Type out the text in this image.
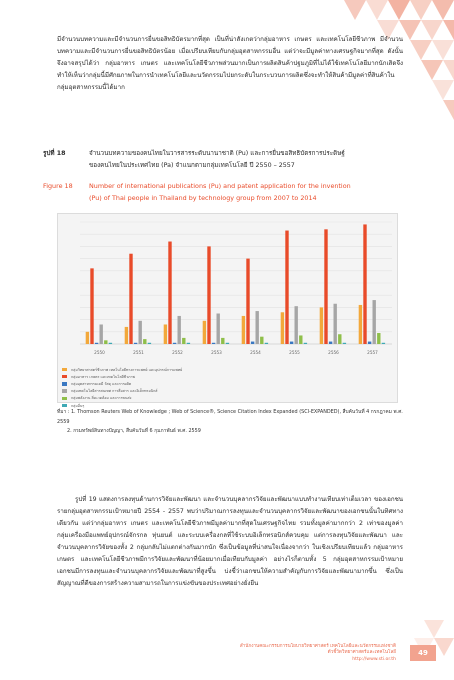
มีจำนวนบทความและมีจำนวนการยื่นขอสิทธิบัตรมากที่สุด เป็นที่น่าสังเกตว่ากลุ่มอาหาร เกษตร และเทคโนโลยีชีวภาพ มีจำนวนบทความและมีจำนวนการยื่นขอสิทธิบัตรน้อย เมื่อเปรียบเทียบกับกลุ่มอุตสาหกรรมอื่น แต่ว่าจะมีมูลค่าทางเศรษฐกิจมากที่สุด ดังนั้นจึงอาจสรุปได้ว่า กลุ่มอาหาร เกษตร และเทคโนโลยีชีวภาพส่วนมากเป็นการผลิตสินค้าปฐมภูมิที่ไม่ได้ใช้เทคโนโลยีมากนักเสิดจึงทำให้เห็นว่ากลุ่มนี้มีศักยภาพในการนำเทคโนโลยีและนวัตกรรมไปยกระดับในกระบวนการผลิตซึ่งจะทำให้สินค้ามีมูลค่าที่สินค้าในกลุ่มอุตสาหกรรมนี้ได้มาก
รูปที่ 18	จำนวนบทความของคนไทยในวารสารระดับนานาชาติ (Pu) และการยื่นขอสิทธิบัตรการประดิษฐ์
ของคนไทยในประเทศไทย (Pa) จำแนกตามกลุ่มเทคโนโลยี ปี 2550 – 2557
Figure 18	Number of international publications (Pu) and patent application for the invention
(Pu) of Thai people in Thailand by technology group from 2007 to 2014
2550	2551	2552	2553	2554	2555	2556	2557
กลุ่มวิทยาศาสตร์ชีวภาพ เทคโนโลยีทางการแพทย์ และอุปกรณ์การแพทย์
กลุ่มอาหาร เกษตร และเทคโนโลยีชีวภาพ
กลุ่มอุตสาหกรรมเคมี วัสดุ และการผลิต
กลุ่มเทคโนโลยีสารสนเทศ การสื่อสาร และอิเล็กทรอนิกส์
กลุ่มพลังงาน สิ่งแวดล้อม และการขนส่ง
กลุ่มอื่นๆ
ที่มา : 1. Thomson Reuters Web of Knowledge ; Web of Science®, Science Citation Index Expanded (SCI-EXPANDED), สืบค้นวันที่ 4 กรกฎาคม พ.ศ. 2559
2. กรมทรัพย์สินทางปัญญา, สืบค้นวันที่ 6 กุมภาพันธ์ พ.ศ. 2559
รูปที่ 19 แสดงการลงทุนด้านการวิจัยและพัฒนา และจำนวนบุคลากรวิจัยและพัฒนาแบบทำงานเทียบเท่าเต็มเวลา ของเอกชน รายกลุ่มอุตสาหกรรมเป้าหมายปี 2554 - 2557 พบว่าปริมาณการลงทุนและจำนวนบุคลากรวิจัยและพัฒนาของเอกชนนั้นในทิศทางเดียวกัน แต่ว่ากลุ่มอาหาร เกษตร และเทคโนโลยีชีวภาพมีมูลค่ามากที่สุดในเศรษฐกิจไทย รวมทั้งมูลค่ามากกว่า 2 เท่าของมูลค่ากลุ่มเครื่องมือแพทย์อุปกรณ์จักรกล ทุ่นยนต์ และระบบเครื่องกลที่ใช้ระบบอิเล็กทรอนิกส์ควบคุม แต่การลงทุนวิจัยและพัฒนา และจำนวนบุคลากรวิจัยของทั้ง 2 กลุ่มกลับไม่แตกต่างกันมากนัก ซึ่งเป็นข้อมูลที่น่าสนใจเนื่องจากว่า ในเชิงเปรียบเทียบแล้ว กลุ่มอาหาร เกษตร และเทคโนโลยีชีวภาพมีการวิจัยและพัฒนาที่น้อยมากเมื่อเทียบกับมูลค่า อย่างไรก็ตามทั้ง 5 กลุ่มอุตสาหกรรมเป้าหมายเอกชนมีการลงทุนและจำนวนบุคลากรวิจัยและพัฒนาที่สูงขึ้น บ่งชี้ว่าเอกชนให้ความสำคัญกับการวิจัยและพัฒนามากขึ้น ซึ่งเป็นสัญญาณที่ดีของการสร้างความสามารถในการแข่งขันของประเทศอย่างยั่งยืน
สำนักงานคณะกรรมการนโยบายวิทยาศาสตร์ เทคโนโลยีและนวัตกรรมแห่งชาติ
ตัวชี้วัดวิทยาศาสตร์และเทคโนโลยี
http://www.sti.or.th
49
